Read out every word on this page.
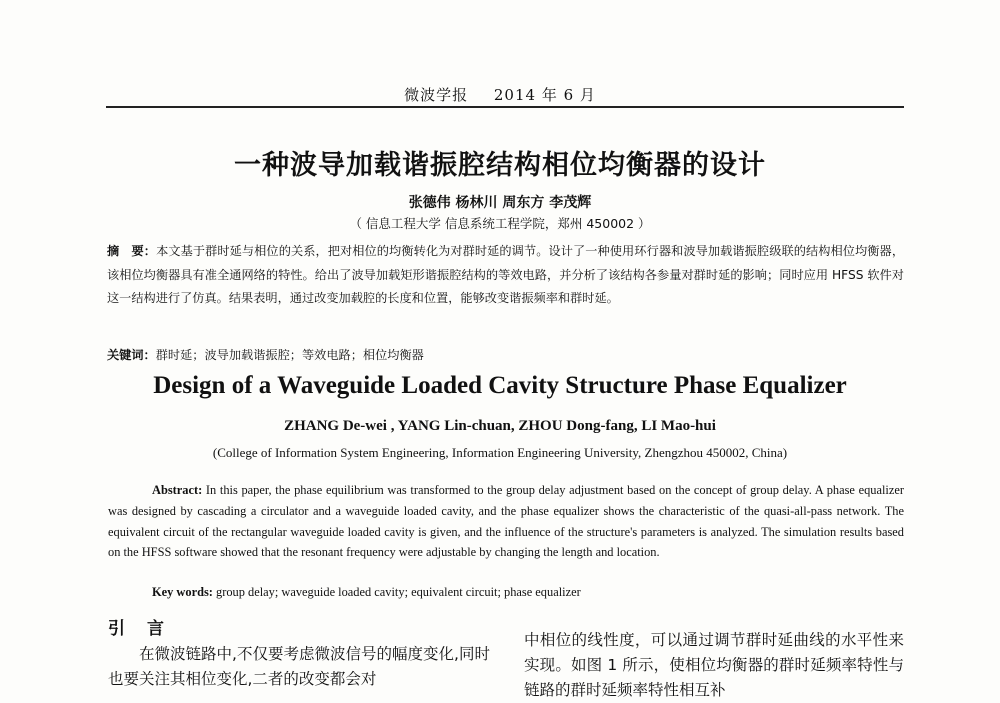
微波学报 2014 年 6 月
一种波导加载谐振腔结构相位均衡器的设计
张德伟 杨林川 周东方 李茂辉
（ 信息工程大学 信息系统工程学院，郑州 450002 ）
摘　要：本文基于群时延与相位的关系，把对相位的均衡转化为对群时延的调节。设计了一种使用环行器和波导加载谐振腔级联的结构相位均衡器，该相位均衡器具有准全通网络的特性。给出了波导加载矩形谐振腔结构的等效电路，并分析了该结构各参量对群时延的影响；同时应用 HFSS 软件对这一结构进行了仿真。结果表明，通过改变加载腔的长度和位置，能够改变谐振频率和群时延。
关键词：群时延；波导加载谐振腔；等效电路；相位均衡器
Design of a Waveguide Loaded Cavity Structure Phase Equalizer
ZHANG De-wei , YANG Lin-chuan, ZHOU Dong-fang, LI Mao-hui
(College of Information System Engineering, Information Engineering University, Zhengzhou 450002, China)
Abstract: In this paper, the phase equilibrium was transformed to the group delay adjustment based on the concept of group delay. A phase equalizer was designed by cascading a circulator and a waveguide loaded cavity, and the phase equalizer shows the characteristic of the quasi-all-pass network. The equivalent circuit of the rectangular waveguide loaded cavity is given, and the influence of the structure's parameters is analyzed. The simulation results based on the HFSS software showed that the resonant frequency were adjustable by changing the length and location.
Key words: group delay; waveguide loaded cavity; equivalent circuit; phase equalizer
引言
在微波链路中,不仅要考虑微波信号的幅度变化,同时也要关注其相位变化,二者的改变都会对
中相位的线性度，可以通过调节群时延曲线的水平性来实现。如图 1 所示，使相位均衡器的群时延频率特性与链路的群时延频率特性相互补
